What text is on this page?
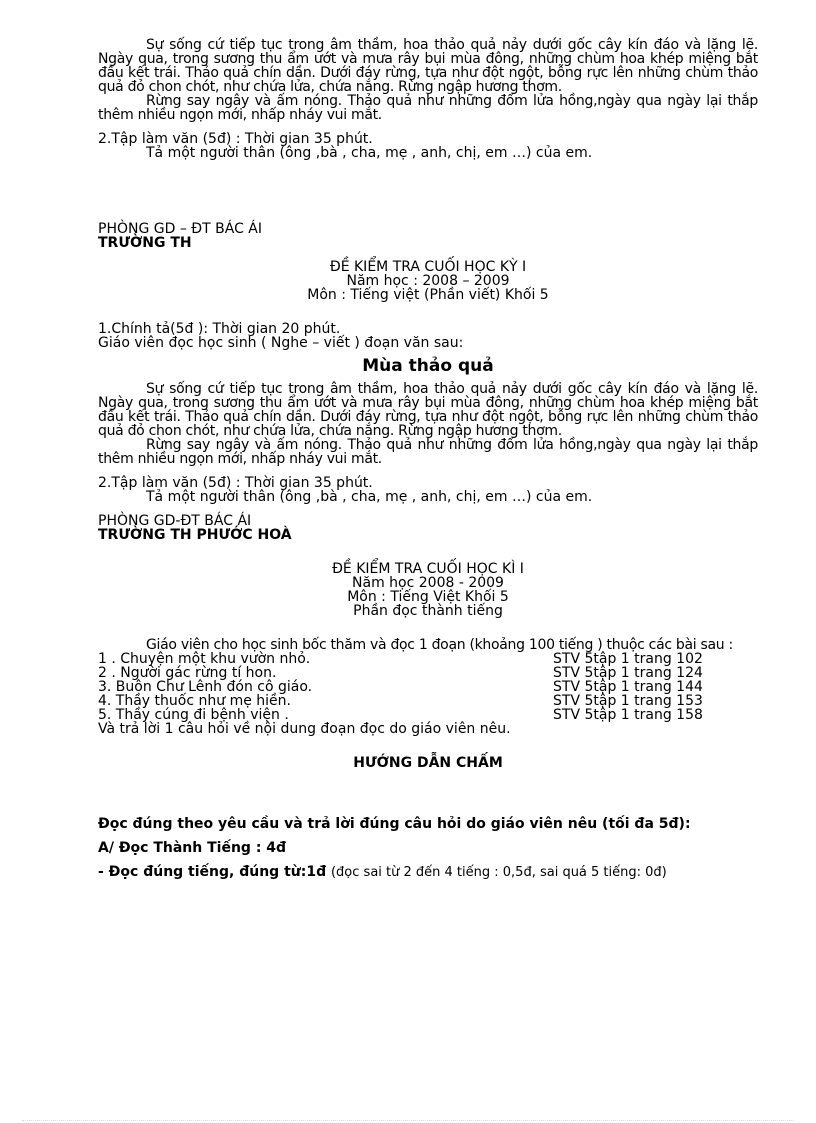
Sự sống cứ tiếp tục trong âm thầm, hoa thảo quả nảy dưới gốc cây kín đáo và lặng lẽ. Ngày qua, trong sương thu ẩm ướt và mưa rây bụi mùa đông, những chùm hoa khép miệng bắt đầu kết trái. Thảo quả chín dần. Dưới đáy rừng, tựa như đột ngột, bỗng rực lên những chùm thảo quả đỏ chon chót, như chứa lửa, chứa nắng. Rừng ngập hương thơm.

Rừng say ngây và ấm nóng. Thảo quả như những đốm lửa hồng,ngày qua ngày lại thắp thêm nhiều ngọn mới, nhấp nháy vui mắt.

2.Tập làm văn (5đ) : Thời gian 35 phút.

Tả một người thân (ông ,bà , cha, mẹ , anh, chị, em …) của em.

PHÒNG GD – ĐT BÁC ÁI

TRƯỜNG TH

ĐỀ KIỂM TRA CUỐI HỌC KỲ I

Năm học : 2008 – 2009

Môn : Tiếng việt (Phần viết) Khối 5

1.Chính tả(5đ ): Thời gian 20 phút.

Giáo viên đọc học sinh ( Nghe – viết ) đoạn văn sau:

Mùa thảo quả

Sự sống cứ tiếp tục trong âm thầm, hoa thảo quả nảy dưới gốc cây kín đáo và lặng lẽ. Ngày qua, trong sương thu ẩm ướt và mưa rây bụi mùa đông, những chùm hoa khép miệng bắt đầu kết trái. Thảo quả chín dần. Dưới đáy rừng, tựa như đột ngột, bỗng rực lên những chùm thảo quả đỏ chon chót, như chứa lửa, chứa nắng. Rừng ngập hương thơm.

Rừng say ngây và ấm nóng. Thảo quả như những đốm lửa hồng,ngày qua ngày lại thắp thêm nhiều ngọn mới, nhấp nháy vui mắt.

2.Tập làm văn (5đ) : Thời gian 35 phút.

Tả một người thân (ông ,bà , cha, mẹ , anh, chị, em …) của em.

PHÒNG GD-ĐT BÁC ÁI

TRƯỜNG TH PHƯỚC HOÀ

ĐỀ KIỂM TRA CUỐI HỌC KÌ I

Năm học 2008 - 2009

Môn : Tiếng Việt Khối 5

Phần đọc thành tiếng

Giáo viên cho học sinh bốc thăm và đọc 1 đoạn (khoảng 100 tiếng ) thuộc các bài sau :

1 . Chuyện một khu vườn nhỏ.	STV 5tập 1 trang 102
2 . Người gác rừng tí hon.	STV 5tập 1 trang 124
3. Buôn Chư Lênh đón cô giáo.	STV 5tập 1 trang 144
4. Thầy thuốc như mẹ hiền.	STV 5tập 1 trang 153
5. Thầy cúng đi bệnh viện .	STV 5tập 1 trang 158

Và trả lời 1 câu hỏi về nội dung đoạn đọc do giáo viên nêu.

HƯỚNG DẪN CHẤM

Đọc đúng theo yêu cầu và trả lời đúng câu hỏi do giáo viên nêu (tối đa 5đ):

A/ Đọc Thành Tiếng : 4đ

- Đọc đúng tiếng, đúng từ:1đ (đọc sai từ 2 đến 4 tiếng : 0,5đ, sai quá 5 tiếng: 0đ)
